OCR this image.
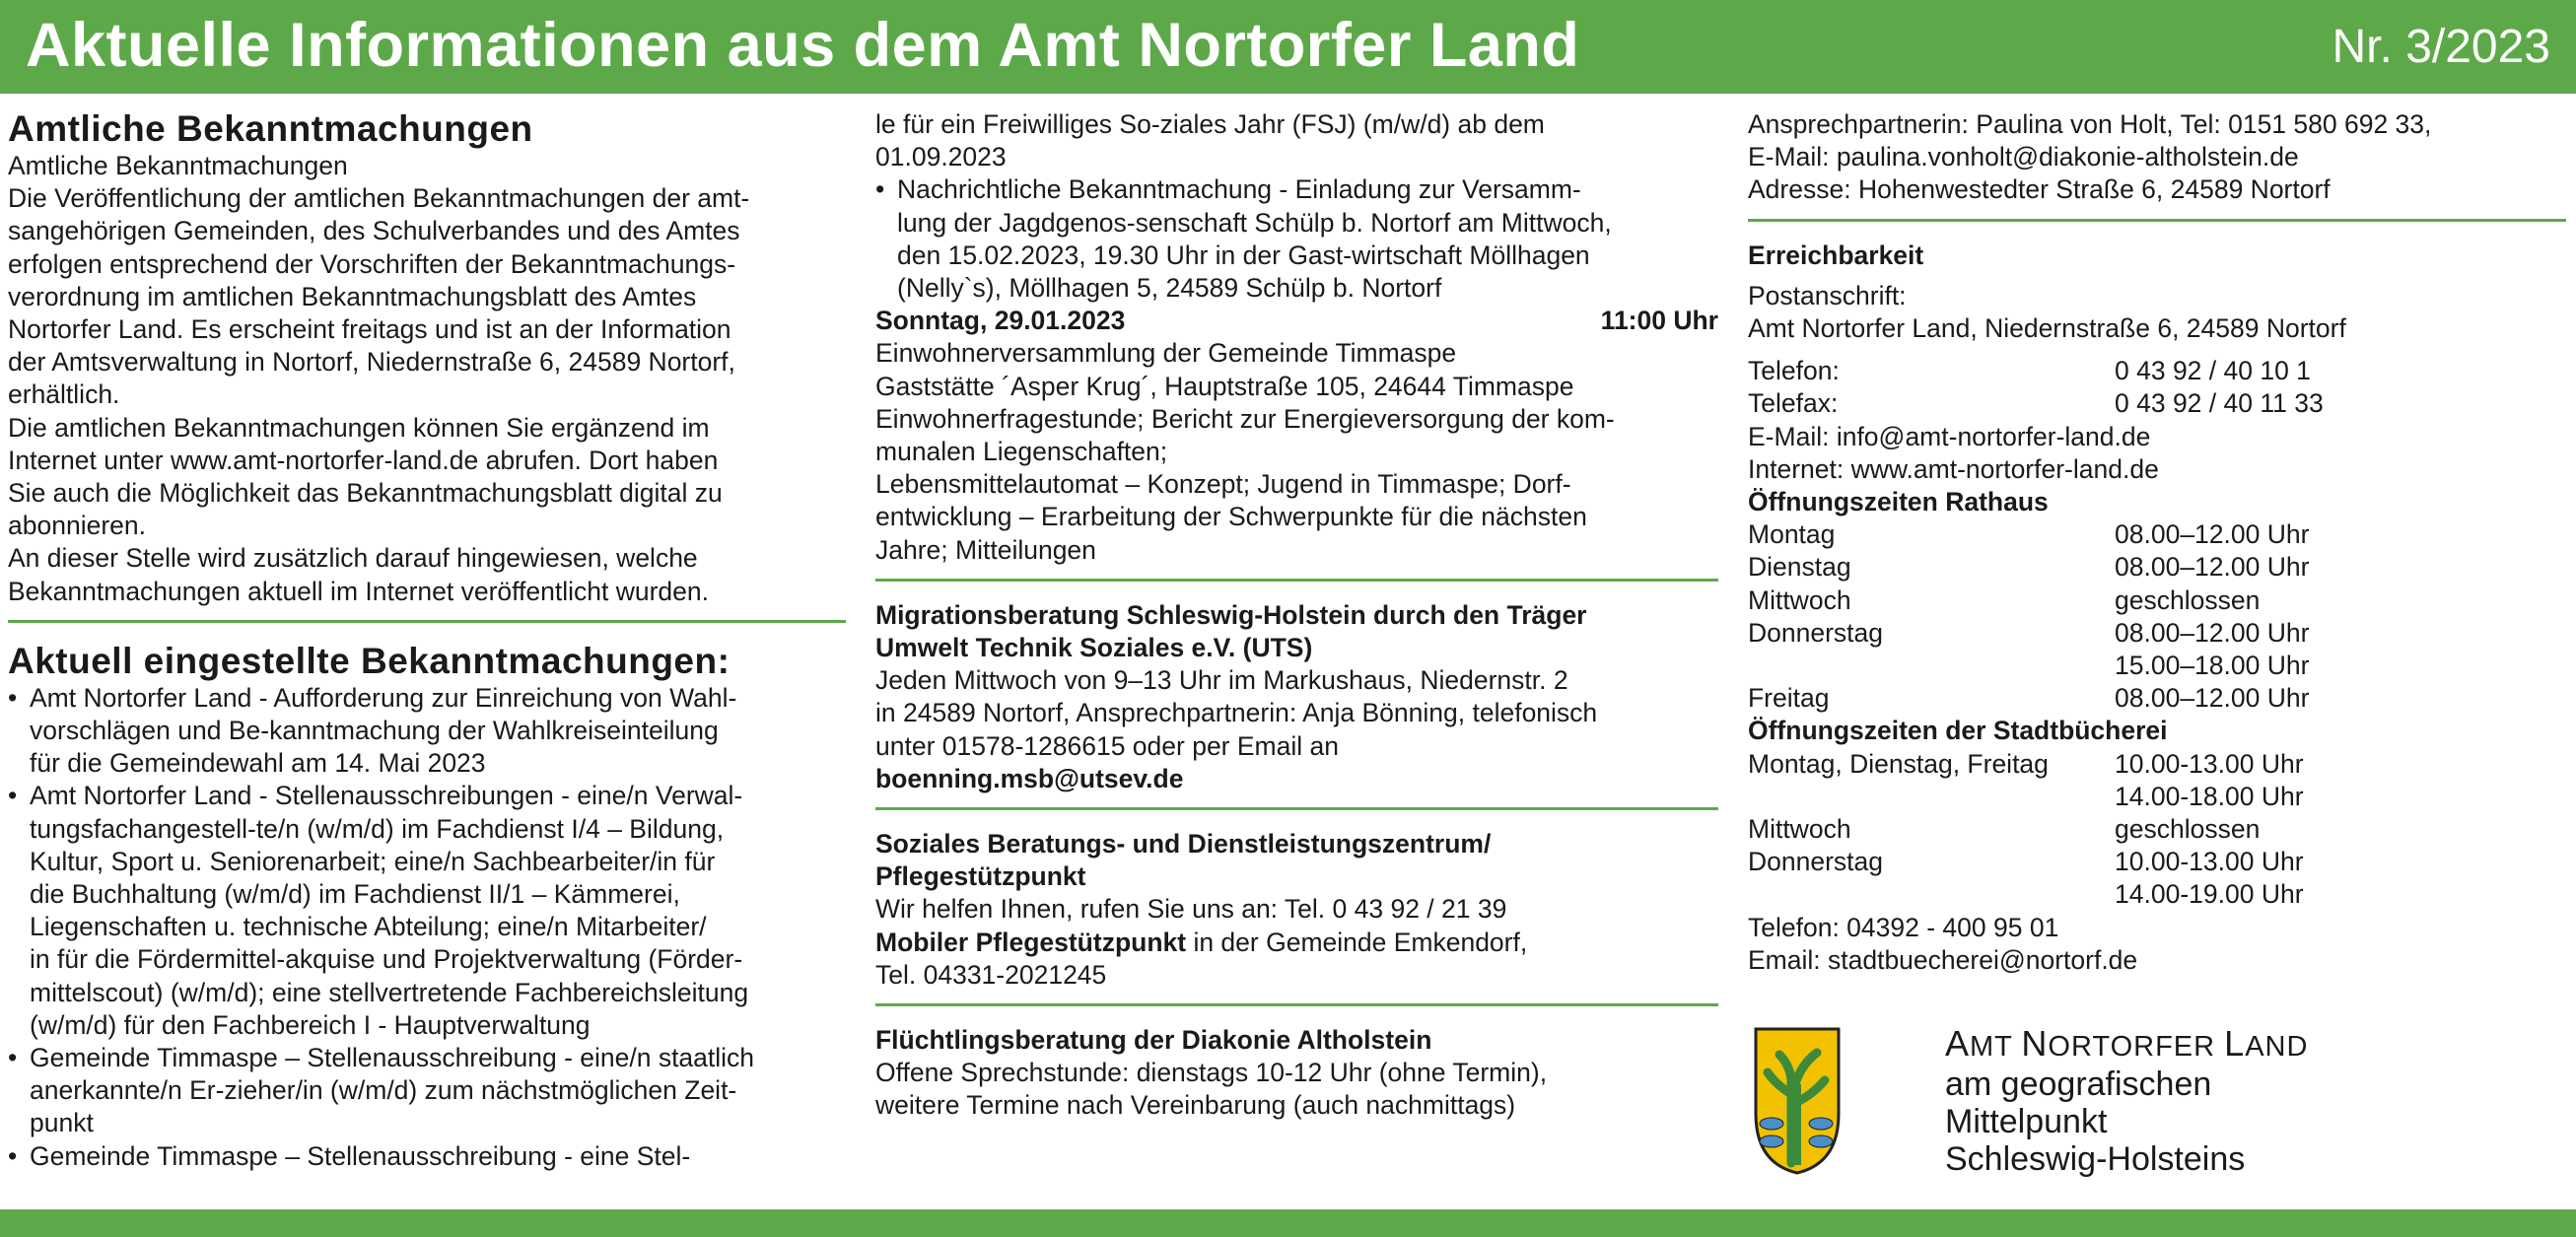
Aktuelle Informationen aus dem Amt Nortorfer Land	Nr. 3/2023
Amtliche Bekanntmachungen
Amtliche Bekanntmachungen
Die Veröffentlichung der amtlichen Bekanntmachungen der amt-
sangehörigen Gemeinden, des Schulverbandes und des Amtes
erfolgen entsprechend der Vorschriften der Bekanntmachungs-
verordnung im amtlichen Bekanntmachungsblatt des Amtes
Nortorfer Land. Es erscheint freitags und ist an der Information
der Amtsverwaltung in Nortorf, Niedernstraße 6, 24589 Nortorf,
erhältlich.
Die amtlichen Bekanntmachungen können Sie ergänzend im
Internet unter www.amt-nortorfer-land.de abrufen. Dort haben
Sie auch die Möglichkeit das Bekanntmachungsblatt digital zu
abonnieren.
An dieser Stelle wird zusätzlich darauf hingewiesen, welche
Bekanntmachungen aktuell im Internet veröffentlicht wurden.
Aktuell eingestellte Bekanntmachungen:
• Amt Nortorfer Land - Aufforderung zur Einreichung von Wahl-
vorschlägen und Be-kanntmachung der Wahlkreiseinteilung
für die Gemeindewahl am 14. Mai 2023
• Amt Nortorfer Land - Stellenausschreibungen - eine/n Verwal-
tungsfachangestell-te/n (w/m/d) im Fachdienst I/4 – Bildung,
Kultur, Sport u. Seniorenarbeit; eine/n Sachbearbeiter/in für
die Buchhaltung (w/m/d) im Fachdienst II/1 – Kämmerei,
Liegenschaften u. technische Abteilung; eine/n Mitarbeiter/
in für die Fördermittel-akquise und Projektverwaltung (Förder-
mittelscout) (w/m/d); eine stellvertretende Fachbereichsleitung
(w/m/d) für den Fachbereich I - Hauptverwaltung
• Gemeinde Timmaspe – Stellenausschreibung - eine/n staatlich
anerkannte/n Er-zieher/in (w/m/d) zum nächstmöglichen Zeit-
punkt
• Gemeinde Timmaspe – Stellenausschreibung - eine Stel-
le für ein Freiwilliges So-ziales Jahr (FSJ) (m/w/d) ab dem
01.09.2023
• Nachrichtliche Bekanntmachung - Einladung zur Versamm-
lung der Jagdgenos-senschaft Schülp b. Nortorf am Mittwoch,
den 15.02.2023, 19.30 Uhr in der Gast-wirtschaft Möllhagen
(Nelly`s), Möllhagen 5, 24589 Schülp b. Nortorf
Sonntag, 29.01.2023	11:00 Uhr
Einwohnerversammlung der Gemeinde Timmaspe
Gaststätte ´Asper Krug´, Hauptstraße 105, 24644 Timmaspe
Einwohnerfragestunde; Bericht zur Energieversorgung der kom-
munalen Liegenschaften;
Lebensmittelautomat – Konzept; Jugend in Timmaspe; Dorf-
entwicklung – Erarbeitung der Schwerpunkte für die nächsten
Jahre; Mitteilungen
Migrationsberatung Schleswig-Holstein durch den Träger
Umwelt Technik Soziales e.V. (UTS)
Jeden Mittwoch von 9–13 Uhr im Markushaus, Niedernstr. 2
in 24589 Nortorf, Ansprechpartnerin: Anja Bönning, telefonisch
unter 01578-1286615 oder per Email an
boenning.msb@utsev.de
Soziales Beratungs- und Dienstleistungszentrum/
Pflegestützpunkt
Wir helfen Ihnen, rufen Sie uns an: Tel. 0 43 92 / 21 39
Mobiler Pflegestützpunkt in der Gemeinde Emkendorf,
Tel. 04331-2021245
Flüchtlingsberatung der Diakonie Altholstein
Offene Sprechstunde: dienstags 10-12 Uhr (ohne Termin),
weitere Termine nach Vereinbarung (auch nachmittags)
Ansprechpartnerin: Paulina von Holt, Tel: 0151 580 692 33,
E-Mail: paulina.vonholt@diakonie-altholstein.de
Adresse: Hohenwestedter Straße 6, 24589 Nortorf
Erreichbarkeit
Postanschrift:
Amt Nortorfer Land, Niedernstraße 6, 24589 Nortorf
Telefon:	0 43 92 / 40 10 1
Telefax:	0 43 92 / 40 11 33
E-Mail: info@amt-nortorfer-land.de
Internet: www.amt-nortorfer-land.de
Öffnungszeiten Rathaus
Montag	08.00–12.00 Uhr
Dienstag	08.00–12.00 Uhr
Mittwoch	geschlossen
Donnerstag	08.00–12.00 Uhr
15.00–18.00 Uhr
Freitag	08.00–12.00 Uhr
Öffnungszeiten der Stadtbücherei
Montag, Dienstag, Freitag	10.00-13.00 Uhr
14.00-18.00 Uhr
Mittwoch	geschlossen
Donnerstag	10.00-13.00 Uhr
14.00-19.00 Uhr
Telefon: 04392 - 400 95 01
Email: stadtbuecherei@nortorf.de
AMT NORTORFER LAND
am geografischen
Mittelpunkt
Schleswig-Holsteins
